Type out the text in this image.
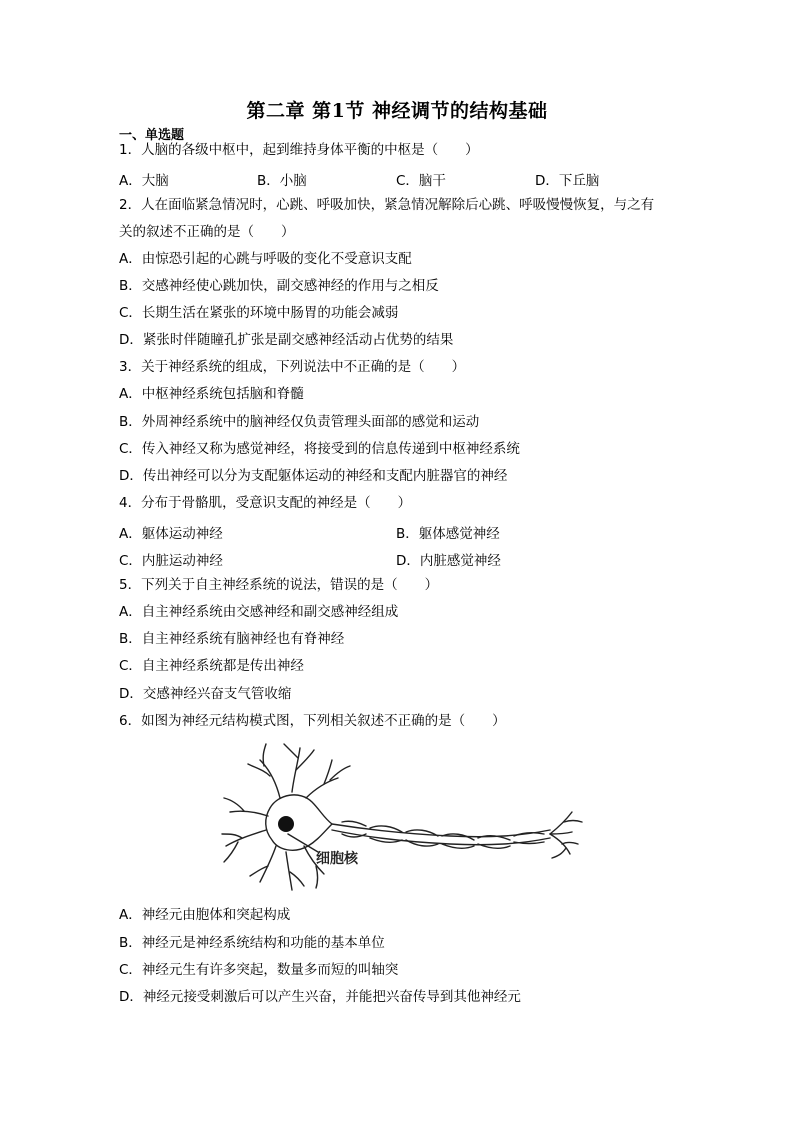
第二章 第1节 神经调节的结构基础
一、单选题
1．人脑的各级中枢中，起到维持身体平衡的中枢是（　　）
A．大脑	B．小脑	C．脑干	D．下丘脑
2．人在面临紧急情况时，心跳、呼吸加快，紧急情况解除后心跳、呼吸慢慢恢复，与之有
关的叙述不正确的是（　　）
A．由惊恐引起的心跳与呼吸的变化不受意识支配
B．交感神经使心跳加快，副交感神经的作用与之相反
C．长期生活在紧张的环境中肠胃的功能会减弱
D．紧张时伴随瞳孔扩张是副交感神经活动占优势的结果
3．关于神经系统的组成，下列说法中不正确的是（　　）
A．中枢神经系统包括脑和脊髓
B．外周神经系统中的脑神经仅负责管理头面部的感觉和运动
C．传入神经又称为感觉神经，将接受到的信息传递到中枢神经系统
D．传出神经可以分为支配躯体运动的神经和支配内脏器官的神经
4．分布于骨骼肌，受意识支配的神经是（　　）
A．躯体运动神经	B．躯体感觉神经
C．内脏运动神经	D．内脏感觉神经
5．下列关于自主神经系统的说法，错误的是（　　）
A．自主神经系统由交感神经和副交感神经组成
B．自主神经系统有脑神经也有脊神经
C．自主神经系统都是传出神经
D．交感神经兴奋支气管收缩
6．如图为神经元结构模式图，下列相关叙述不正确的是（　　）
细胞核
A．神经元由胞体和突起构成
B．神经元是神经系统结构和功能的基本单位
C．神经元生有许多突起，数量多而短的叫轴突
D．神经元接受刺激后可以产生兴奋，并能把兴奋传导到其他神经元
